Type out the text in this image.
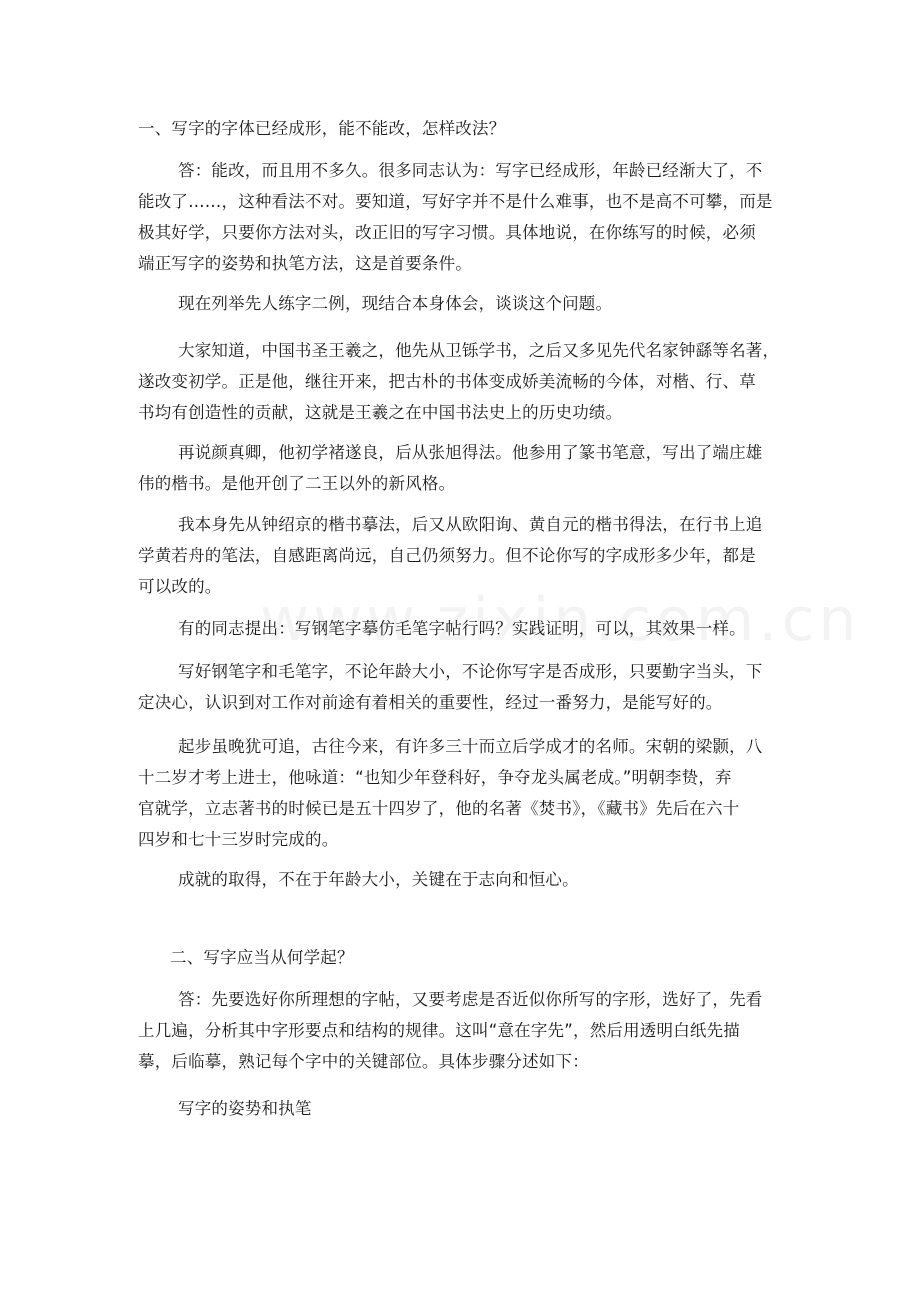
一、写字的字体已经成形，能不能改，怎样改法？

答：能改，而且用不多久。很多同志认为：写字已经成形，年龄已经渐大了，不
能改了……，这种看法不对。要知道，写好字并不是什么难事，也不是高不可攀，而是
极其好学，只要你方法对头，改正旧的写字习惯。具体地说，在你练写的时候，必须
端正写字的姿势和执笔方法，这是首要条件。

现在列举先人练字二例，现结合本身体会，谈谈这个问题。

大家知道，中国书圣王羲之，他先从卫铄学书，之后又多见先代名家钟繇等名著，
遂改变初学。正是他，继往开来，把古朴的书体变成娇美流畅的今体，对楷、行、草
书均有创造性的贡献，这就是王羲之在中国书法史上的历史功绩。
再说颜真卿，他初学褚遂良，后从张旭得法。他参用了篆书笔意，写出了端庄雄
伟的楷书。是他开创了二王以外的新风格。
我本身先从钟绍京的楷书摹法，后又从欧阳询、黄自元的楷书得法，在行书上追
学黄若舟的笔法，自感距离尚远，自己仍须努力。但不论你写的字成形多少年，都是
可以改的。

有的同志提出：写钢笔字摹仿毛笔字帖行吗？实践证明，可以，其效果一样。

写好钢笔字和毛笔字，不论年龄大小，不论你写字是否成形，只要勤字当头，下
定决心，认识到对工作对前途有着相关的重要性，经过一番努力，是能写好的。
起步虽晚犹可追，古往今来，有许多三十而立后学成才的名师。宋朝的梁颢，八
十二岁才考上进士，他咏道：“也知少年登科好，争夺龙头属老成。”明朝李贽，弃
官就学，立志著书的时候已是五十四岁了，他的名著《焚书》，《藏书》先后在六十
四岁和七十三岁时完成的。

成就的取得，不在于年龄大小，关键在于志向和恒心。

二、写字应当从何学起？

答：先要选好你所理想的字帖，又要考虑是否近似你所写的字形，选好了，先看
上几遍，分析其中字形要点和结构的规律。这叫“意在字先”，然后用透明白纸先描
摹，后临摹，熟记每个字中的关键部位。具体步骤分述如下：

写字的姿势和执笔
